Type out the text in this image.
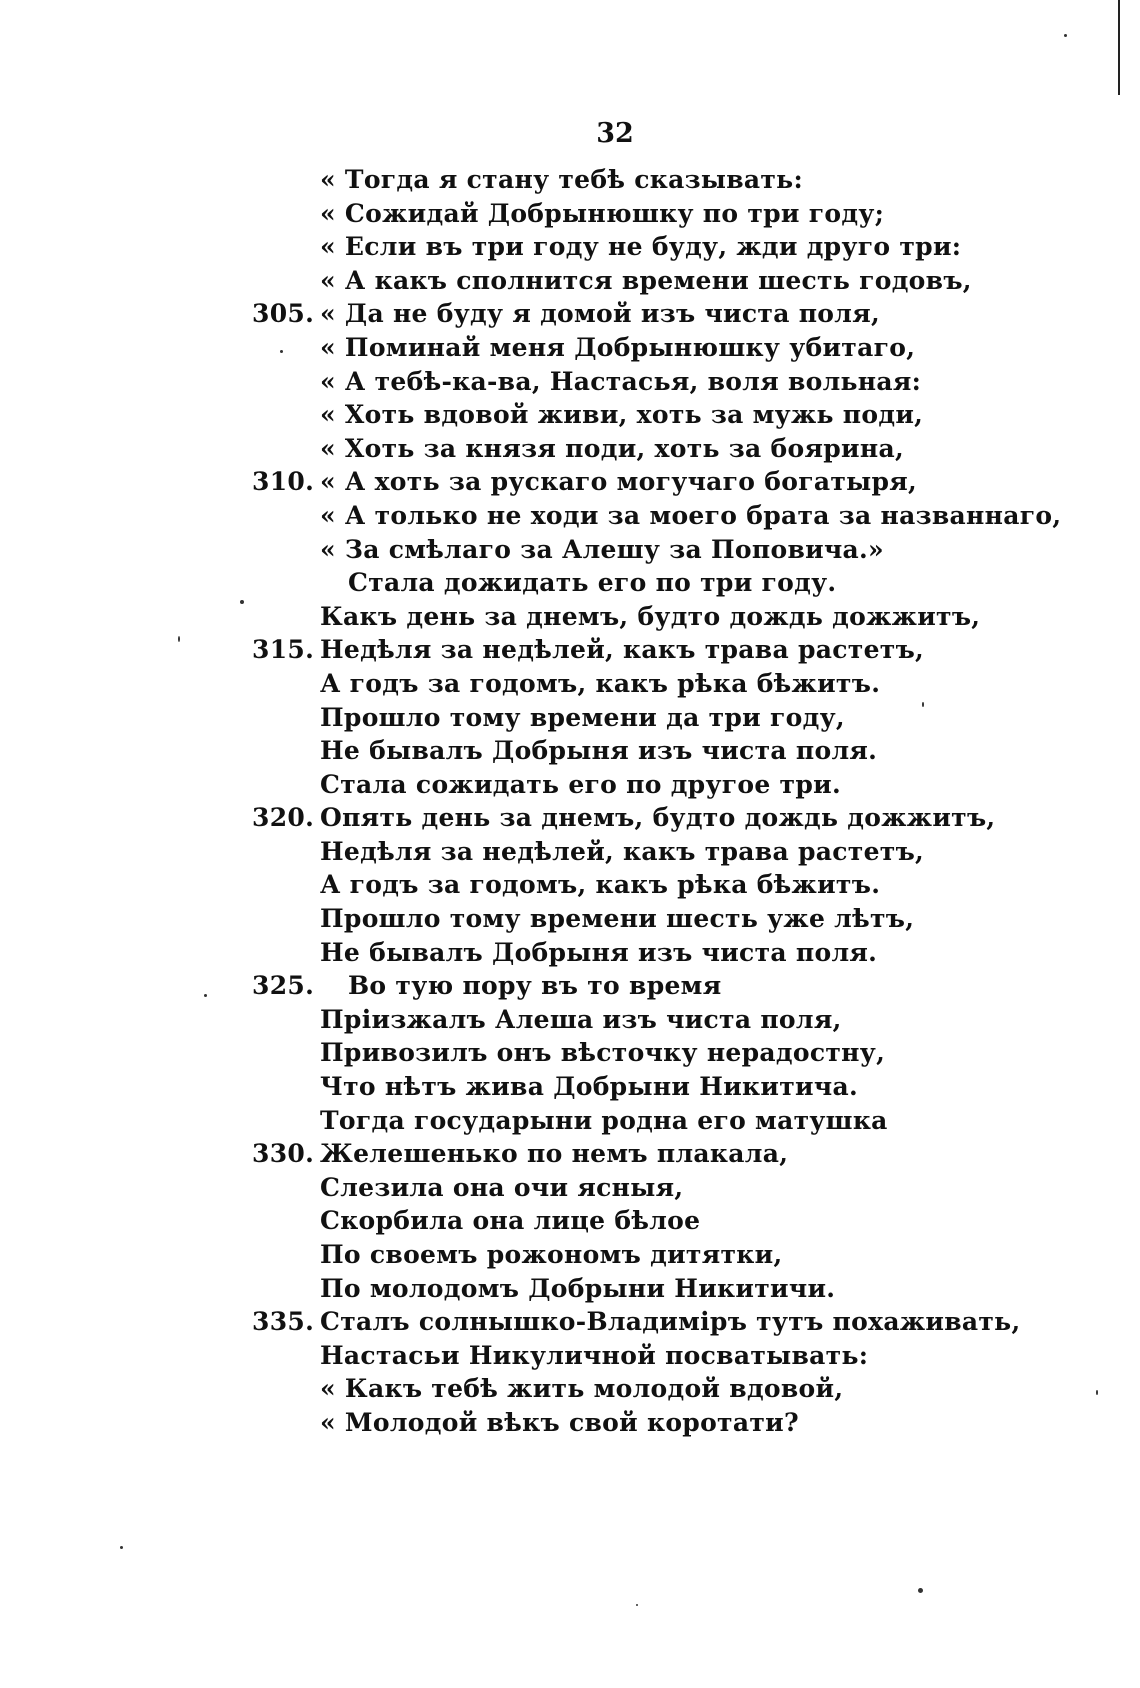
32
« Тогда я стану тебѣ сказывать:
« Сожидай Добрынюшку по три году;
« Если въ три году не буду, жди друго три:
« А какъ сполнится времени шесть годовъ,
305. « Да не буду я домой изъ чиста поля,
« Поминай меня Добрынюшку убитаго,
« А тебѣ-ка-ва, Настасья, воля вольная:
« Хоть вдовой живи, хоть за мужь поди,
« Хоть за князя поди, хоть за боярина,
310. « А хоть за рускаго могучаго богатыря,
« А только не ходи за моего брата за названнаго,
« За смѣлаго за Алешу за Поповича.»
Стала дожидать его по три году.
Какъ день за днемъ, будто дождь дожжитъ,
315. Недѣля за недѣлей, какъ трава растетъ,
А годъ за годомъ, какъ рѣка бѣжитъ.
Прошло тому времени да три году,
Не бывалъ Добрыня изъ чиста поля.
Стала сожидать его по другое три.
320. Опять день за днемъ, будто дождь дожжитъ,
Недѣля за недѣлей, какъ трава растетъ,
А годъ за годомъ, какъ рѣка бѣжитъ.
Прошло тому времени шесть уже лѣтъ,
Не бывалъ Добрыня изъ чиста поля.
325. Во тую пору въ то время
Пріизжалъ Алеша изъ чиста поля,
Привозилъ онъ вѣсточку нерадостну,
Что нѣтъ жива Добрыни Никитича.
Тогда государыни родна его матушка
330. Желешенько по немъ плакала,
Слезила она очи ясныя,
Скорбила она лице бѣлое
По своемъ рожономъ дитятки,
По молодомъ Добрыни Никитичи.
335. Сталъ солнышко-Владиміръ тутъ похаживать,
Настасьи Никуличной посватывать:
« Какъ тебѣ жить молодой вдовой,
« Молодой вѣкъ свой коротати?
